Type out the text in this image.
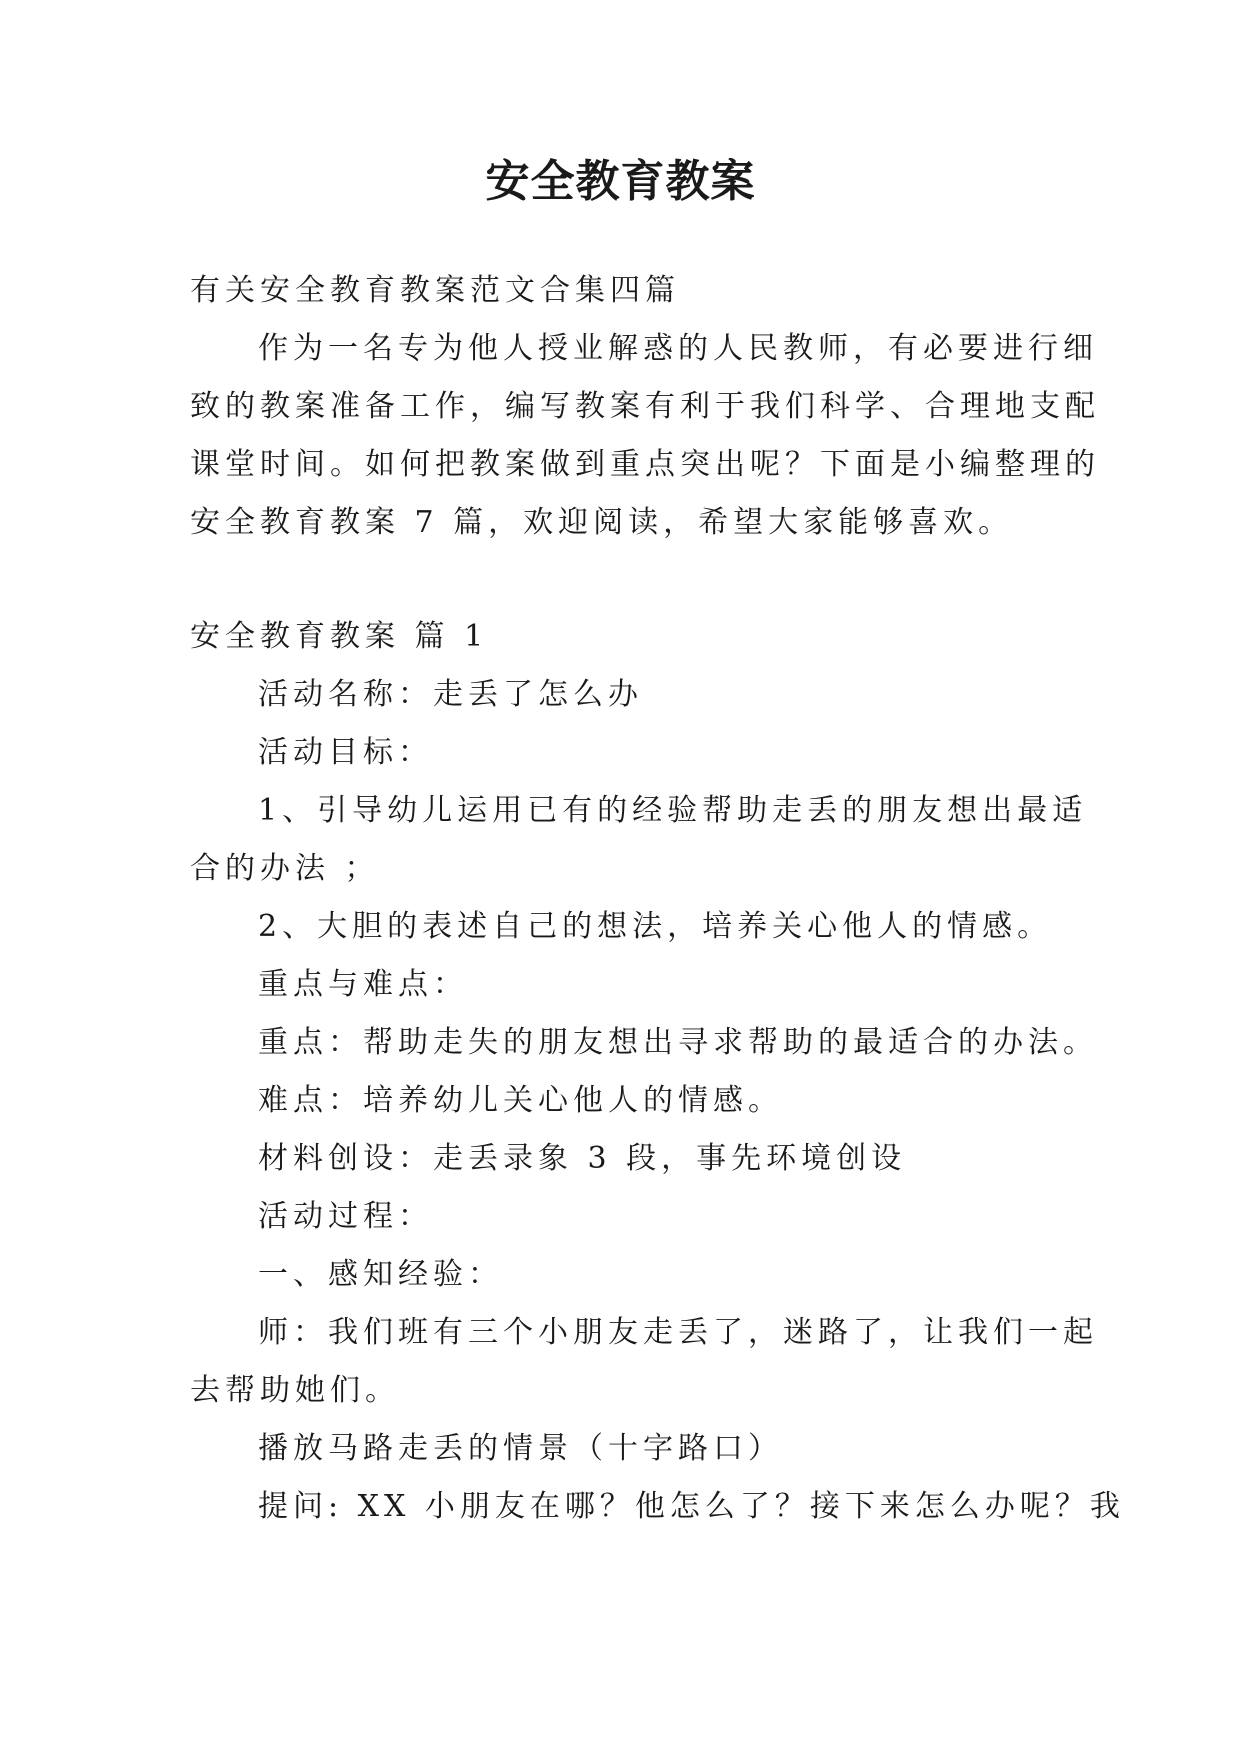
安全教育教案
有关安全教育教案范文合集四篇
作为一名专为他人授业解惑的人民教师，有必要进行细
致的教案准备工作，编写教案有利于我们科学、合理地支配
课堂时间。如何把教案做到重点突出呢？下面是小编整理的
安全教育教案 7 篇，欢迎阅读，希望大家能够喜欢。
安全教育教案 篇 1
活动名称：走丢了怎么办
活动目标：
1、引导幼儿运用已有的经验帮助走丢的朋友想出最适
合的办法 ；
2、大胆的表述自己的想法，培养关心他人的情感。
重点与难点：
重点：帮助走失的朋友想出寻求帮助的最适合的办法。
难点：培养幼儿关心他人的情感。
材料创设：走丢录象 3 段，事先环境创设
活动过程：
一、感知经验：
师：我们班有三个小朋友走丢了，迷路了，让我们一起
去帮助她们。
播放马路走丢的情景（十字路口）
提问: XX 小朋友在哪？他怎么了？接下来怎么办呢？我
